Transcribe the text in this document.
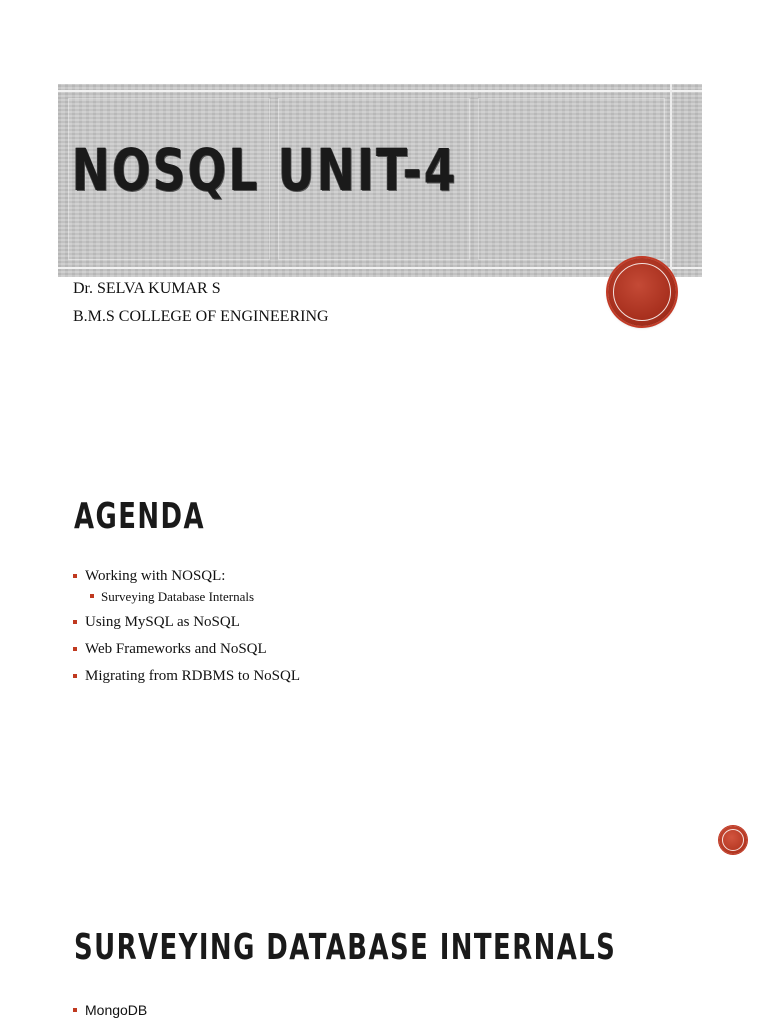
NOSQL UNIT-4
Dr. SELVA KUMAR S
B.M.S COLLEGE OF ENGINEERING
AGENDA
Working with NOSQL:
Surveying Database Internals
Using MySQL as NoSQL
Web Frameworks and NoSQL
Migrating from RDBMS to NoSQL
SURVEYING DATABASE INTERNALS
MongoDB
